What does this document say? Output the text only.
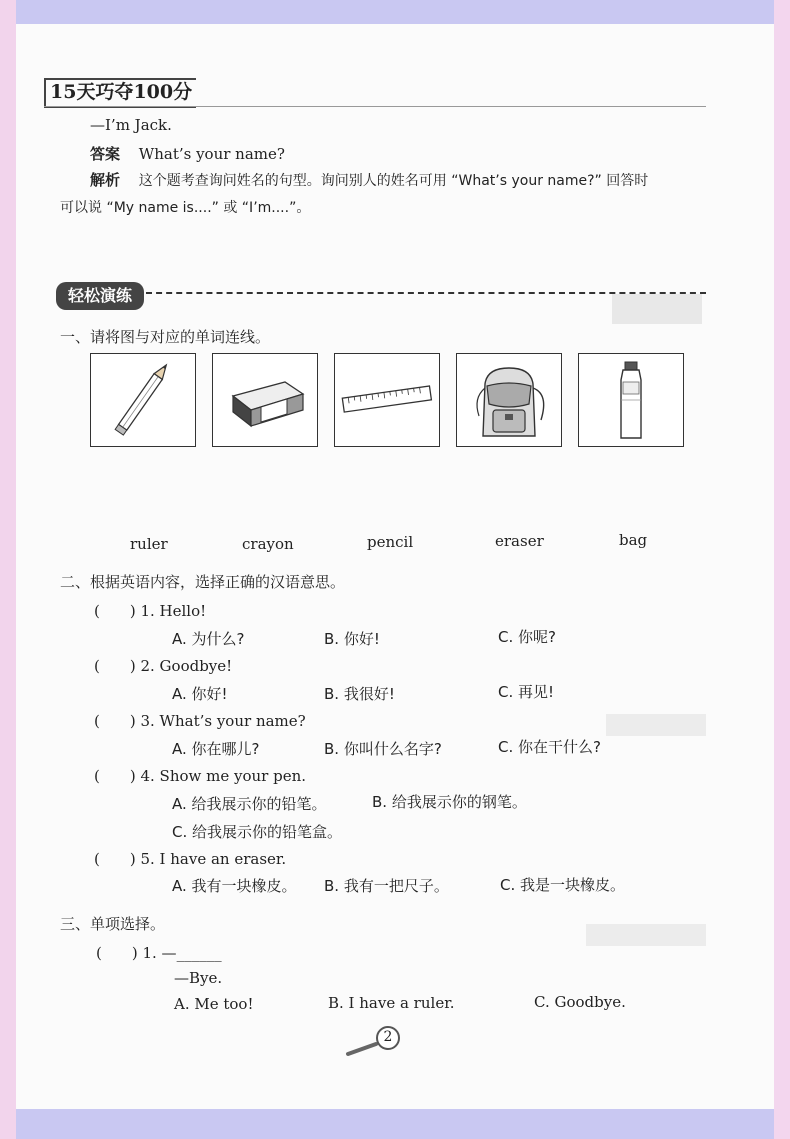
15天巧夺100分
—I’m Jack.
答案 What’s your name?
解析 这个题考查询问姓名的句型。询问别人的姓名可用 “What’s your name?” 回答时
可以说 “My name is....” 或 “I’m....”。
轻松演练
一、请将图与对应的单词连线。
ruler	crayon	pencil	eraser	bag
二、根据英语内容，选择正确的汉语意思。
(　　) 1. Hello!
A. 为什么?	B. 你好!	C. 你呢?
(　　) 2. Goodbye!
A. 你好!	B. 我很好!	C. 再见!
(　　) 3. What’s your name?
A. 你在哪儿?	B. 你叫什么名字?	C. 你在干什么?
(　　) 4. Show me your pen.
A. 给我展示你的铅笔。	B. 给我展示你的钢笔。
C. 给我展示你的铅笔盒。
(　　) 5. I have an eraser.
A. 我有一块橡皮。 B. 我有一把尺子。	C. 我是一块橡皮。
三、单项选择。
(　　) 1. —______
—Bye.
A. Me too!	B. I have a ruler.	C. Goodbye.
2
